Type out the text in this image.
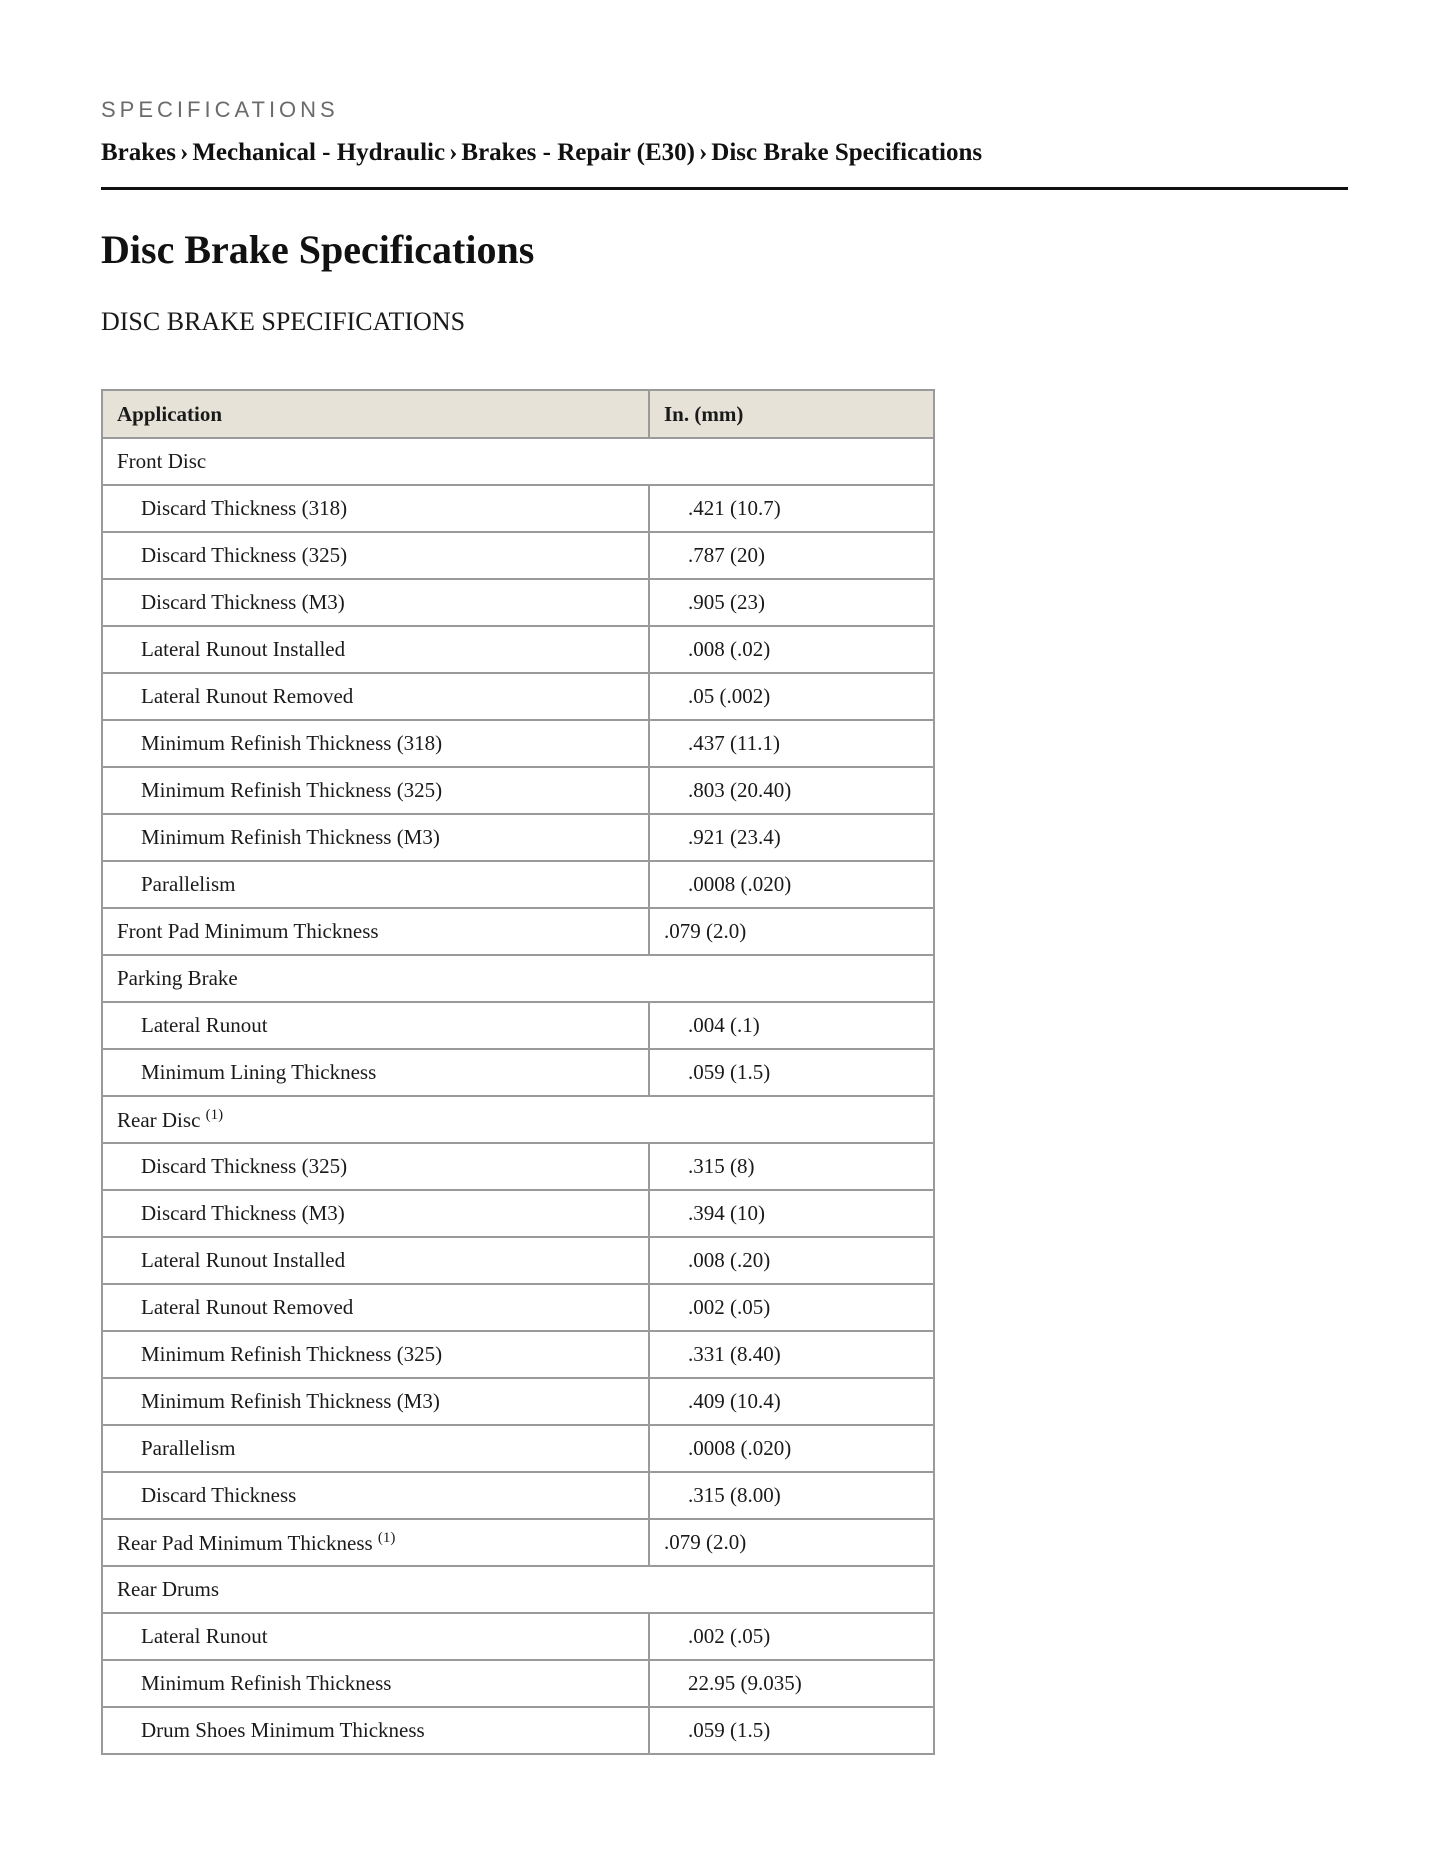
SPECIFICATIONS
Brakes › Mechanical - Hydraulic › Brakes - Repair (E30) › Disc Brake Specifications
Disc Brake Specifications
DISC BRAKE SPECIFICATIONS
Application	In. (mm)
Front Disc	
Discard Thickness (318)	.421 (10.7)
Discard Thickness (325)	.787 (20)
Discard Thickness (M3)	.905 (23)
Lateral Runout Installed	.008 (.02)
Lateral Runout Removed	.05 (.002)
Minimum Refinish Thickness (318)	.437 (11.1)
Minimum Refinish Thickness (325)	.803 (20.40)
Minimum Refinish Thickness (M3)	.921 (23.4)
Parallelism	.0008 (.020)
Front Pad Minimum Thickness	.079 (2.0)
Parking Brake	
Lateral Runout	.004 (.1)
Minimum Lining Thickness	.059 (1.5)
Rear Disc $^{(1)}$
Discard Thickness (325)	.315 (8)
Discard Thickness (M3)	.394 (10)
Lateral Runout Installed	.008 (.20)
Lateral Runout Removed	.002 (.05)
Minimum Refinish Thickness (325)	.331 (8.40)
Minimum Refinish Thickness (M3)	.409 (10.4)
Parallelism	.0008 (.020)
Discard Thickness	.315 (8.00)
Rear Pad Minimum Thickness $^{(1)}$	.079 (2.0)
Rear Drums	
Lateral Runout	.002 (.05)
Minimum Refinish Thickness	22.95 (9.035)
Drum Shoes Minimum Thickness	.059 (1.5)
